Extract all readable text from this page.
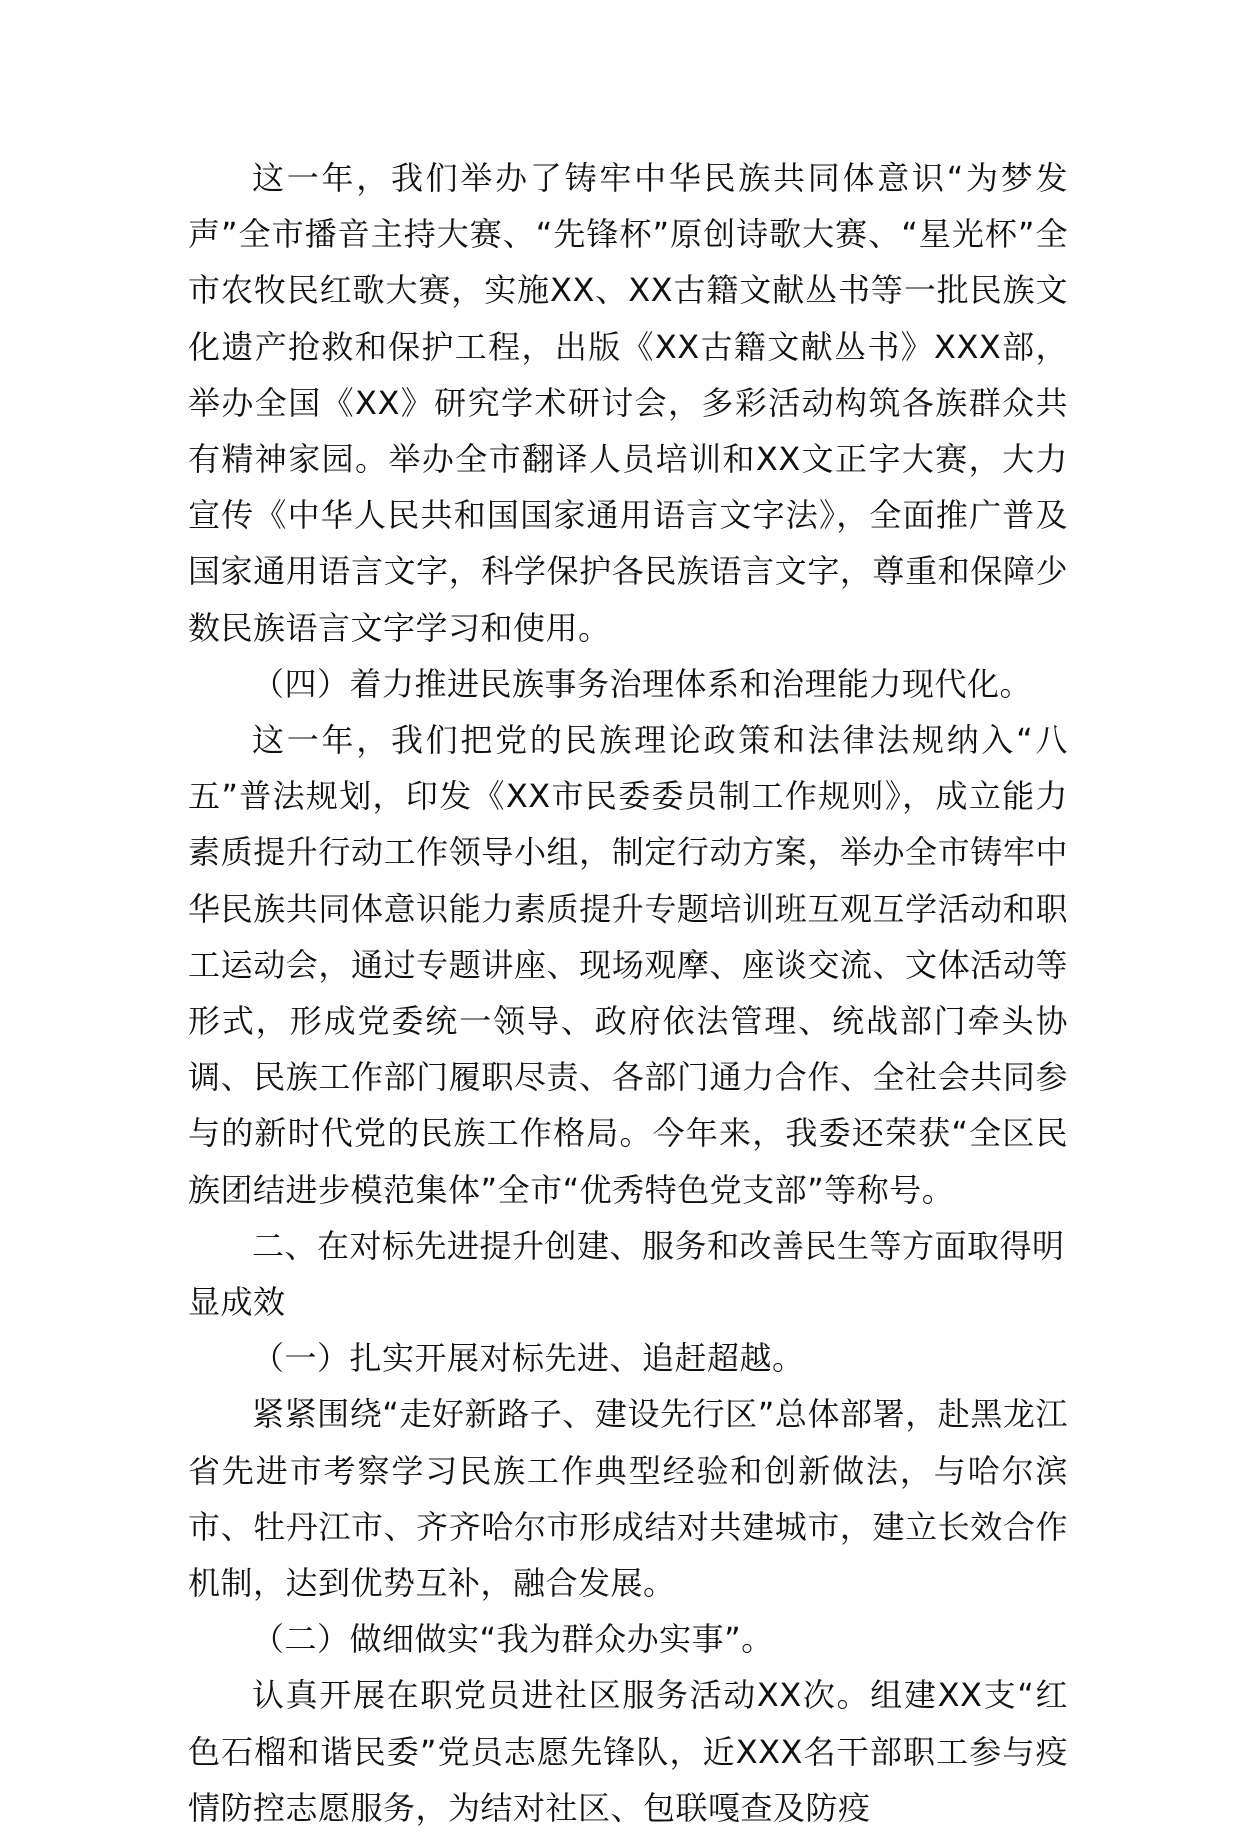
这一年，我们举办了铸牢中华民族共同体意识“为梦发声”全市播音主持大赛、“先锋杯”原创诗歌大赛、“星光杯”全市农牧民红歌大赛，实施XX、XX古籍文献丛书等一批民族文化遗产抢救和保护工程，出版《XX古籍文献丛书》XXX部，举办全国《XX》研究学术研讨会，多彩活动构筑各族群众共有精神家园。举办全市翻译人员培训和XX文正字大赛，大力宣传《中华人民共和国国家通用语言文字法》，全面推广普及国家通用语言文字，科学保护各民族语言文字，尊重和保障少数民族语言文字学习和使用。

（四）着力推进民族事务治理体系和治理能力现代化。

这一年，我们把党的民族理论政策和法律法规纳入“八五”普法规划，印发《XX市民委委员制工作规则》，成立能力素质提升行动工作领导小组，制定行动方案，举办全市铸牢中华民族共同体意识能力素质提升专题培训班互观互学活动和职工运动会，通过专题讲座、现场观摩、座谈交流、文体活动等形式，形成党委统一领导、政府依法管理、统战部门牵头协调、民族工作部门履职尽责、各部门通力合作、全社会共同参与的新时代党的民族工作格局。今年来，我委还荣获“全区民族团结进步模范集体”全市“优秀特色党支部”等称号。

二、在对标先进提升创建、服务和改善民生等方面取得明显成效

（一）扎实开展对标先进、追赶超越。

紧紧围绕“走好新路子、建设先行区”总体部署，赴黑龙江省先进市考察学习民族工作典型经验和创新做法，与哈尔滨市、牡丹江市、齐齐哈尔市形成结对共建城市，建立长效合作机制，达到优势互补，融合发展。

（二）做细做实“我为群众办实事”。

认真开展在职党员进社区服务活动XX次。组建XX支“红色石榴和谐民委”党员志愿先锋队，近XXX名干部职工参与疫情防控志愿服务，为结对社区、包联嘎查及防疫
